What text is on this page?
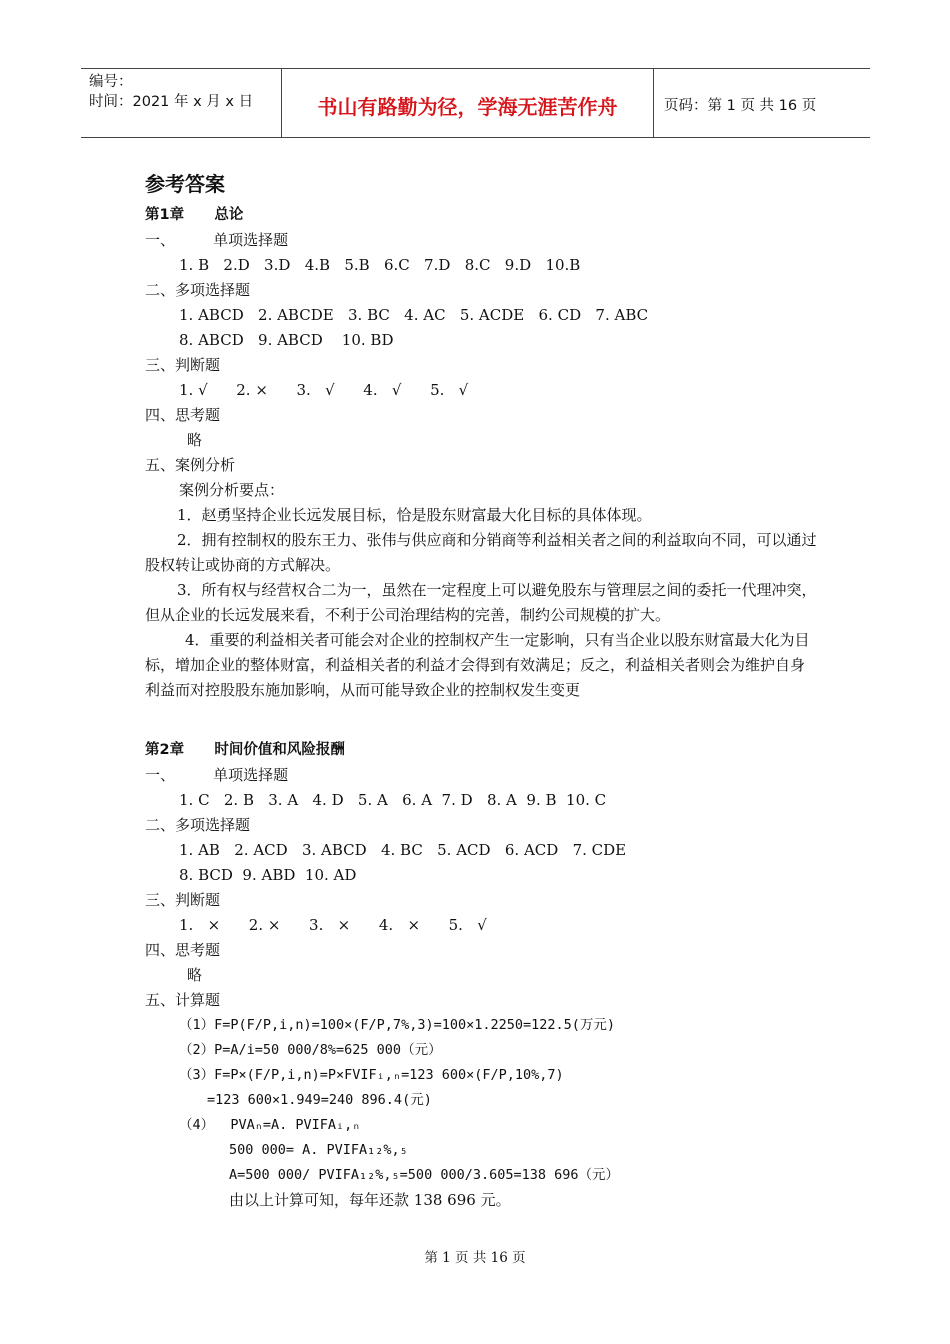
编号：
时间：2021 年 x 月 x 日	书山有路勤为径，学海无涯苦作舟	页码：第 1 页 共 16 页
参考答案
第1章      总论
一、        单项选择题
1. B   2.D   3.D   4.B   5.B   6.C   7.D   8.C   9.D   10.B
二、多项选择题
1. ABCD   2. ABCDE   3. BC   4. AC   5. ACDE   6. CD   7. ABC
8. ABCD   9. ABCD    10. BD
三、判断题
1. √      2. ×      3.   √      4.   √      5.   √
四、思考题
略
五、案例分析
案例分析要点：
1．赵勇坚持企业长远发展目标，恰是股东财富最大化目标的具体体现。
2．拥有控制权的股东王力、张伟与供应商和分销商等利益相关者之间的利益取向不同，可以通过股权转让或协商的方式解决。
3．所有权与经营权合二为一，虽然在一定程度上可以避免股东与管理层之间的委托一代理冲突，但从企业的长远发展来看，不利于公司治理结构的完善，制约公司规模的扩大。
4．重要的利益相关者可能会对企业的控制权产生一定影响，只有当企业以股东财富最大化为目标，增加企业的整体财富，利益相关者的利益才会得到有效满足；反之，利益相关者则会为维护自身利益而对控股股东施加影响，从而可能导致企业的控制权发生变更
第2章      时间价值和风险报酬
一、        单项选择题
1. C   2. B   3. A   4. D   5. A   6. A  7. D   8. A  9. B  10. C
二、多项选择题
1. AB   2. ACD   3. ABCD   4. BC   5. ACD   6. ACD   7. CDE
8. BCD  9. ABD  10. AD
三、判断题
1.   ×      2. ×      3.   ×      4.   ×      5.   √
四、思考题
略
五、计算题
（1）F=P(F/P,i,n)=100×(F/P,7%,3)=100×1.2250=122.5(万元)
（2）P=A/i=50 000/8%=625 000（元）
（3）F=P×(F/P,i,n)=P×FVIFᵢ,ₙ=123 600×(F/P,10%,7)
=123 600×1.949=240 896.4(元)
（4）  PVAₙ=A. PVIFAᵢ,ₙ
500 000= A. PVIFA₁₂%,₅
A=500 000/ PVIFA₁₂%,₅=500 000/3.605=138 696（元）
由以上计算可知，每年还款 138 696 元。
第 1 页 共 16 页
